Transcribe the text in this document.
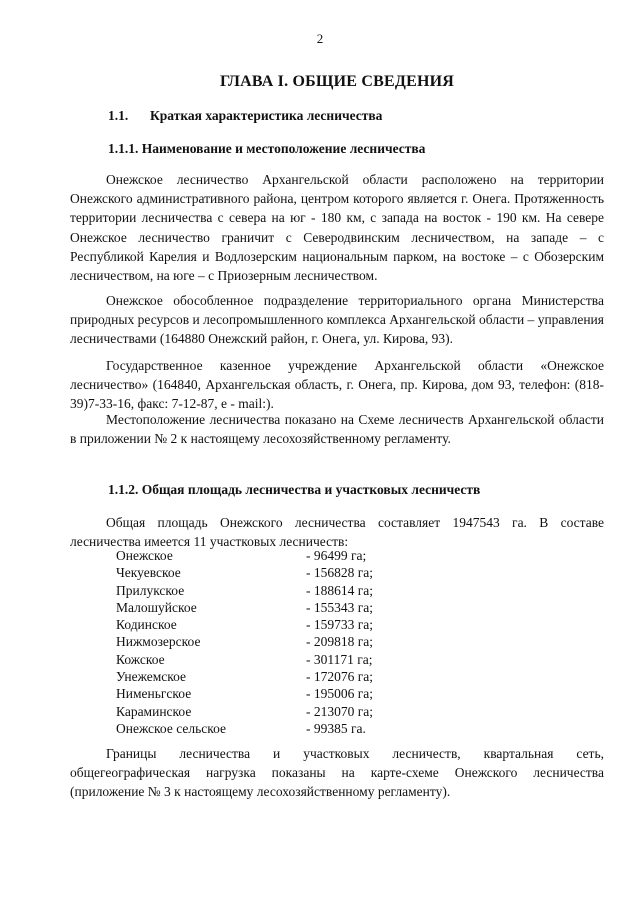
2
ГЛАВА I. ОБЩИЕ СВЕДЕНИЯ
1.1. Краткая характеристика лесничества
1.1.1. Наименование и местоположение лесничества

Онежское лесничество Архангельской области расположено на территории Онежского административного района, центром которого является г. Онега. Протяженность территории лесничества с севера на юг - 180 км, с запада на восток - 190 км. На севере Онежское лесничество граничит с Северодвинским лесничеством, на западе – с Республикой Карелия и Водлозерским национальным парком, на востоке – с Обозерским лесничеством, на юге – с Приозерным лесничеством.

Онежское обособленное подразделение территориального органа Министерства природных ресурсов и лесопромышленного комплекса Архангельской области – управления лесничествами (164880 Онежский район, г. Онега, ул. Кирова, 93).

Государственное казенное учреждение Архангельской области «Онежское лесничество» (164840, Архангельская область, г. Онега, пр. Кирова, дом 93, телефон: (818-39)7-33-16, факс: 7-12-87, e - mail:).

Местоположение лесничества показано на Схеме лесничеств Архангельской области в приложении № 2 к настоящему лесохозяйственному регламенту.

1.1.2. Общая площадь лесничества и участковых лесничеств

Общая площадь Онежского лесничества составляет 1947543 га. В составе лесничества имеется 11 участковых лесничеств:

Онежское	- 96499 га;
Чекуевское	- 156828 га;
Прилукское	- 188614 га;
Малошуйское	- 155343 га;
Кодинское	- 159733 га;
Нижмозерское	- 209818 га;
Кожское	- 301171 га;
Унежемское	- 172076 га;
Нименьгское	- 195006 га;
Караминское	- 213070 га;
Онежское сельское	- 99385 га.

Границы лесничества и участковых лесничеств, квартальная сеть, общегеографическая нагрузка показаны на карте-схеме Онежского лесничества (приложение № 3 к настоящему лесохозяйственному регламенту).
